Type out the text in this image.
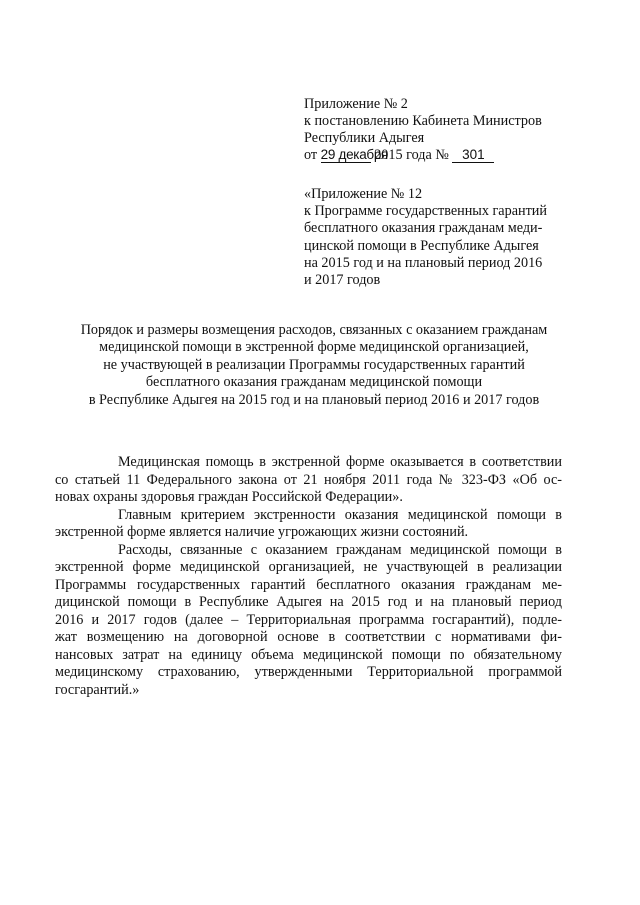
Приложение № 2
к постановлению Кабинета Министров
Республики Адыгея
от 29 декабря 2015 года № 301
«Приложение № 12
к Программе государственных гарантий
бесплатного оказания гражданам меди-
цинской помощи в Республике Адыгея
на 2015 год и на плановый период 2016
и 2017 годов
Порядок и размеры возмещения расходов, связанных с оказанием гражданам
медицинской помощи в экстренной форме медицинской организацией,
не участвующей в реализации Программы государственных гарантий
бесплатного оказания гражданам медицинской помощи
в Республике Адыгея на 2015 год и на плановый период 2016 и 2017 годов
Медицинская помощь в экстренной форме оказывается в соответствии
со статьей 11 Федерального закона от 21 ноября 2011 года № 323-ФЗ «Об ос-
новах охраны здоровья граждан Российской Федерации».
Главным критерием экстренности оказания медицинской помощи в
экстренной форме является наличие угрожающих жизни состояний.
Расходы, связанные с оказанием гражданам медицинской помощи в
экстренной форме медицинской организацией, не участвующей в реализации
Программы государственных гарантий бесплатного оказания гражданам ме-
дицинской помощи в Республике Адыгея на 2015 год и на плановый период
2016 и 2017 годов (далее – Территориальная программа госгарантий), подле-
жат возмещению на договорной основе в соответствии с нормативами фи-
нансовых затрат на единицу объема медицинской помощи по обязательному
медицинскому страхованию, утвержденными Территориальной программой
госгарантий.»
